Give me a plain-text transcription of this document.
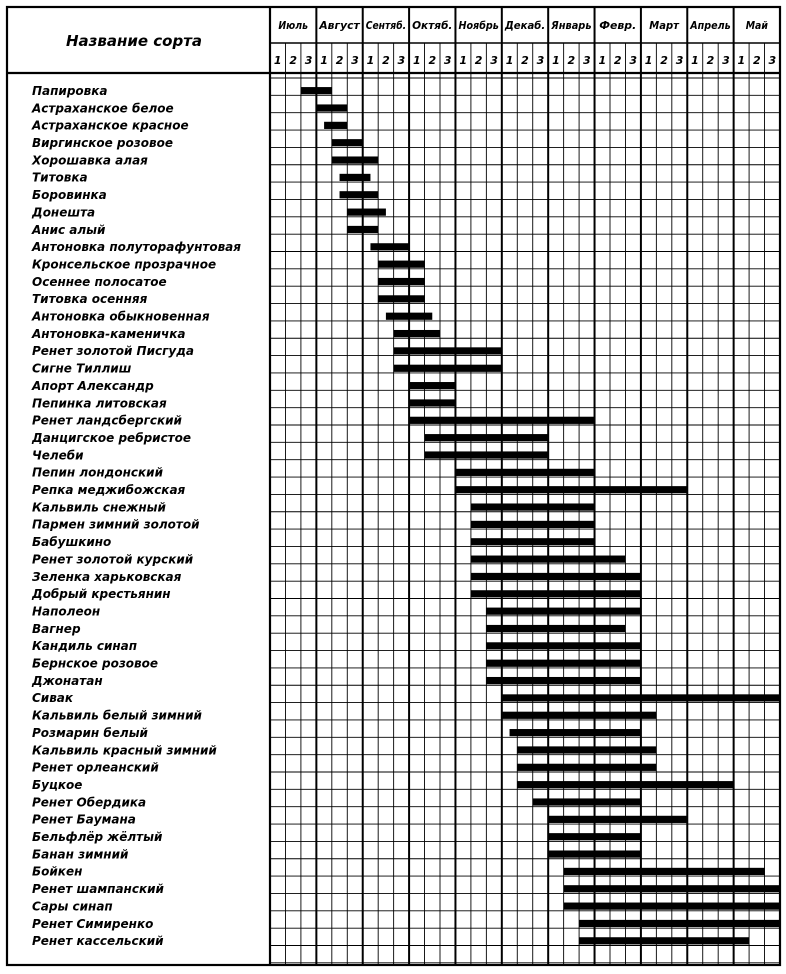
Название сорта
Июль Август Сентяб. Октяб. Ноябрь Декаб. Январь Февр. Март Апрель Май
1 2 3 1 2 3 1 2 3 1 2 3 1 2 3 1 2 3 1 2 3 1 2 3 1 2 3 1 2 3 1 2 3
Папировка
Астраханское белое
Астраханское красное
Виргинское розовое
Хорошавка алая
Титовка
Боровинка
Донешта
Анис алый
Антоновка полуторафунтовая
Кронсельское прозрачное
Осеннее полосатое
Титовка осенняя
Антоновка обыкновенная
Антоновка-каменичка
Ренет золотой Писгуда
Сигне Тиллиш
Апорт Александр
Пепинка литовская
Ренет ландсбергский
Данцигское ребристое
Челеби
Пепин лондонский
Репка меджибожская
Кальвиль снежный
Пармен зимний золотой
Бабушкино
Ренет золотой курский
Зеленка харьковская
Добрый крестьянин
Наполеон
Вагнер
Кандиль синап
Бернское розовое
Джонатан
Сивак
Кальвиль белый зимний
Розмарин белый
Кальвиль красный зимний
Ренет орлеанский
Буцкое
Ренет Обердика
Ренет Баумана
Бельфлёр жёлтый
Банан зимний
Бойкен
Ренет шампанский
Сары синап
Ренет Симиренко
Ренет кассельский
